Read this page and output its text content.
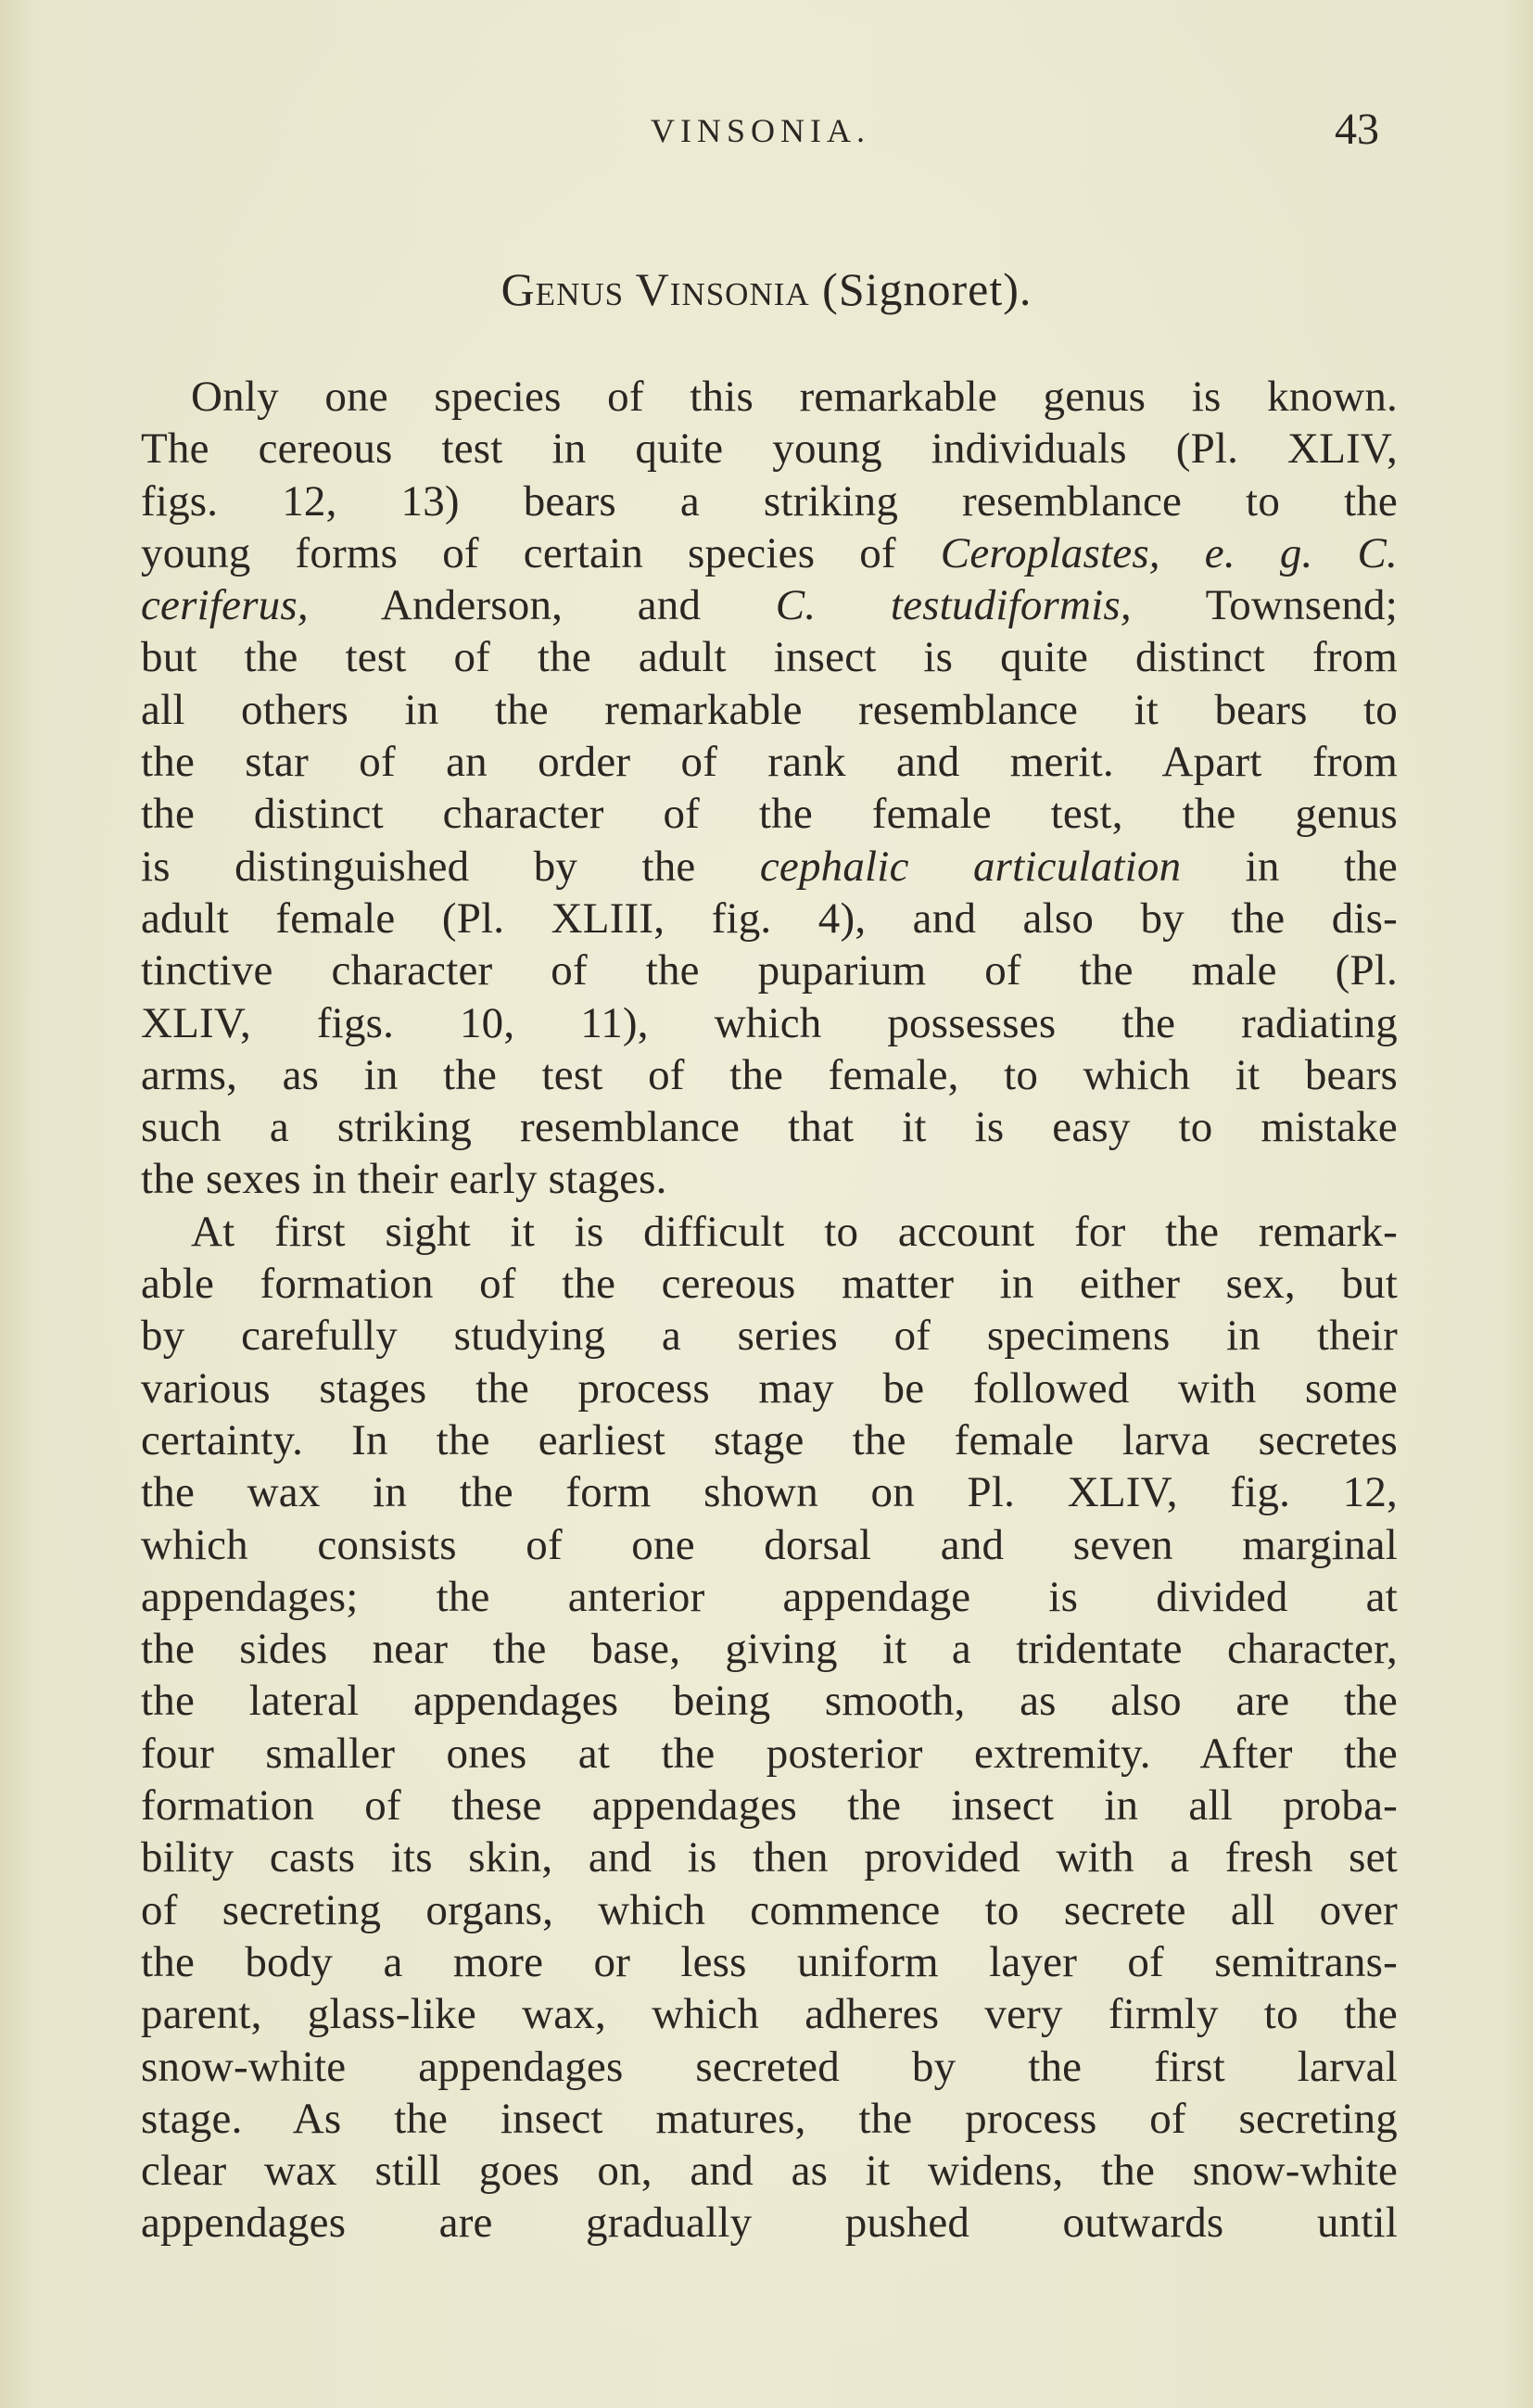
VINSONIA.	43
Genus Vinsonia (Signoret).
Only one species of this remarkable genus is known.
The cereous test in quite young individuals (Pl. XLIV,
figs. 12, 13) bears a striking resemblance to the
young forms of certain species of Ceroplastes, e. g. C.
ceriferus, Anderson, and C. testudiformis, Townsend;
but the test of the adult insect is quite distinct from
all others in the remarkable resemblance it bears to
the star of an order of rank and merit. Apart from
the distinct character of the female test, the genus
is distinguished by the cephalic articulation in the
adult female (Pl. XLIII, fig. 4), and also by the dis-
tinctive character of the puparium of the male (Pl.
XLIV, figs. 10, 11), which possesses the radiating
arms, as in the test of the female, to which it bears
such a striking resemblance that it is easy to mistake
the sexes in their early stages.
At first sight it is difficult to account for the remark-
able formation of the cereous matter in either sex, but
by carefully studying a series of specimens in their
various stages the process may be followed with some
certainty. In the earliest stage the female larva secretes
the wax in the form shown on Pl. XLIV, fig. 12,
which consists of one dorsal and seven marginal
appendages; the anterior appendage is divided at
the sides near the base, giving it a tridentate character,
the lateral appendages being smooth, as also are the
four smaller ones at the posterior extremity. After the
formation of these appendages the insect in all proba-
bility casts its skin, and is then provided with a fresh set
of secreting organs, which commence to secrete all over
the body a more or less uniform layer of semitrans-
parent, glass-like wax, which adheres very firmly to the
snow-white appendages secreted by the first larval
stage. As the insect matures, the process of secreting
clear wax still goes on, and as it widens, the snow-white
appendages are gradually pushed outwards until
